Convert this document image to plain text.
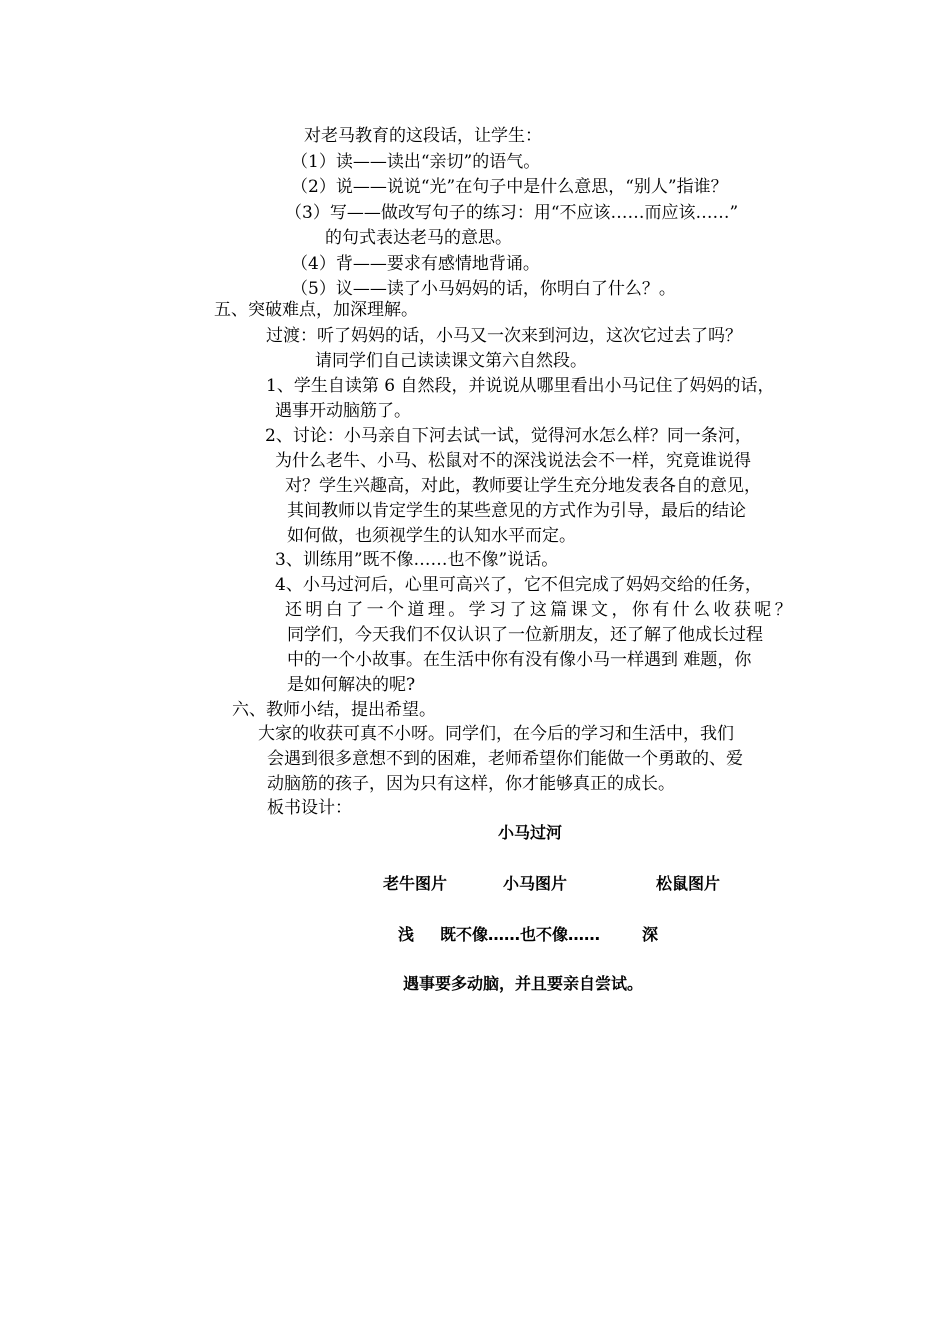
对老马教育的这段话，让学生：
（1）读——读出“亲切”的语气。
（2）说——说说“光”在句子中是什么意思，“别人”指谁？
（3）写——做改写句子的练习：用“不应该……而应该……”
的句式表达老马的意思。
（4）背——要求有感情地背诵。
（5）议——读了小马妈妈的话，你明白了什么？。
五、突破难点，加深理解。
过渡：听了妈妈的话，小马又一次来到河边，这次它过去了吗？
请同学们自己读读课文第六自然段。
1、学生自读第 6 自然段，并说说从哪里看出小马记住了妈妈的话，
遇事开动脑筋了。
2、讨论：小马亲自下河去试一试，觉得河水怎么样？同一条河，
为什么老牛、小马、松鼠对不的深浅说法会不一样，究竟谁说得
对？学生兴趣高，对此，教师要让学生充分地发表各自的意见，
其间教师以肯定学生的某些意见的方式作为引导，最后的结论
如何做，也须视学生的认知水平而定。
3、训练用”既不像……也不像”说话。
4、小马过河后，心里可高兴了，它不但完成了妈妈交给的任务，
还 明 白 了 一 个 道 理 。 学 习 了 这 篇 课 文 ， 你 有 什 么 收 获 呢 ？
同学们，今天我们不仅认识了一位新朋友，还了解了他成长过程
中的一个小故事。在生活中你有没有像小马一样遇到 难题，你
是如何解决的呢?
六、教师小结，提出希望。
大家的收获可真不小呀。同学们，在今后的学习和生活中，我们
会遇到很多意想不到的困难，老师希望你们能做一个勇敢的、爱
动脑筋的孩子，因为只有这样，你才能够真正的成长。
板书设计：
小马过河
老牛图片	小马图片	松鼠图片
浅 既不像……也不像……	深
遇事要多动脑，并且要亲自尝试。
